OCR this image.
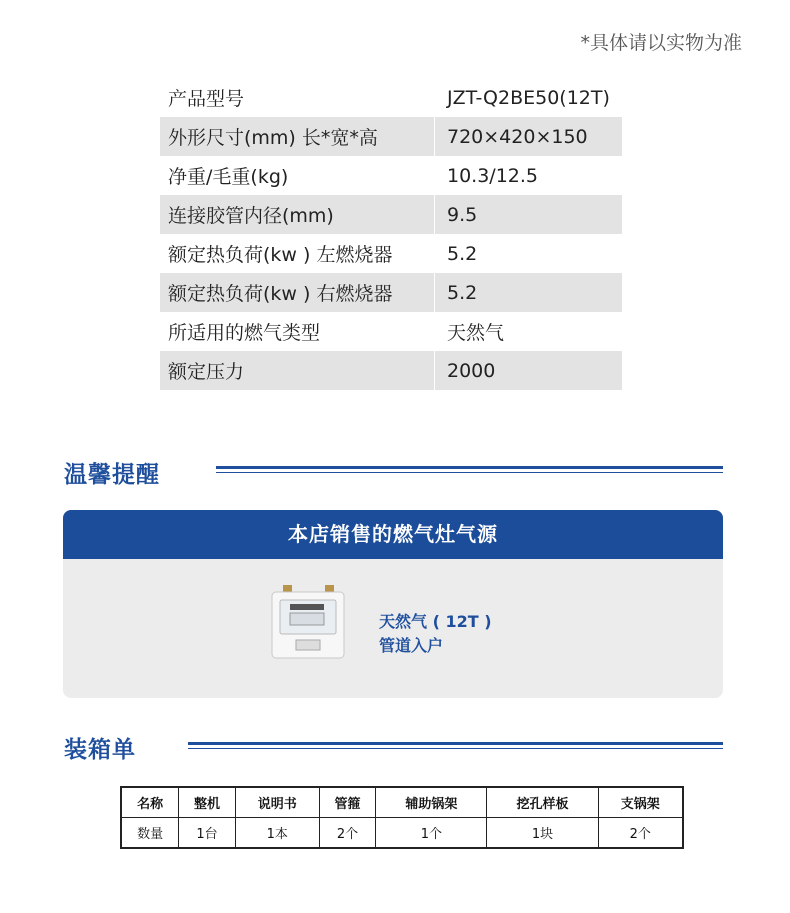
*具体请以实物为准
产品型号	JZT-Q2BE50(12T)
外形尺寸(mm) 长*宽*高	720×420×150
净重/毛重(kg)	10.3/12.5
连接胶管内径(mm)	9.5
额定热负荷(kw ) 左燃烧器	5.2
额定热负荷(kw ) 右燃烧器	5.2
所适用的燃气类型	天然气
额定压力	2000
温馨提醒
本店销售的燃气灶气源
天然气 ( 12T )
管道入户
装箱单
名称	整机	说明书	管箍	辅助锅架	挖孔样板	支锅架
数量	1台	1本	2个	1个	1块	2个
